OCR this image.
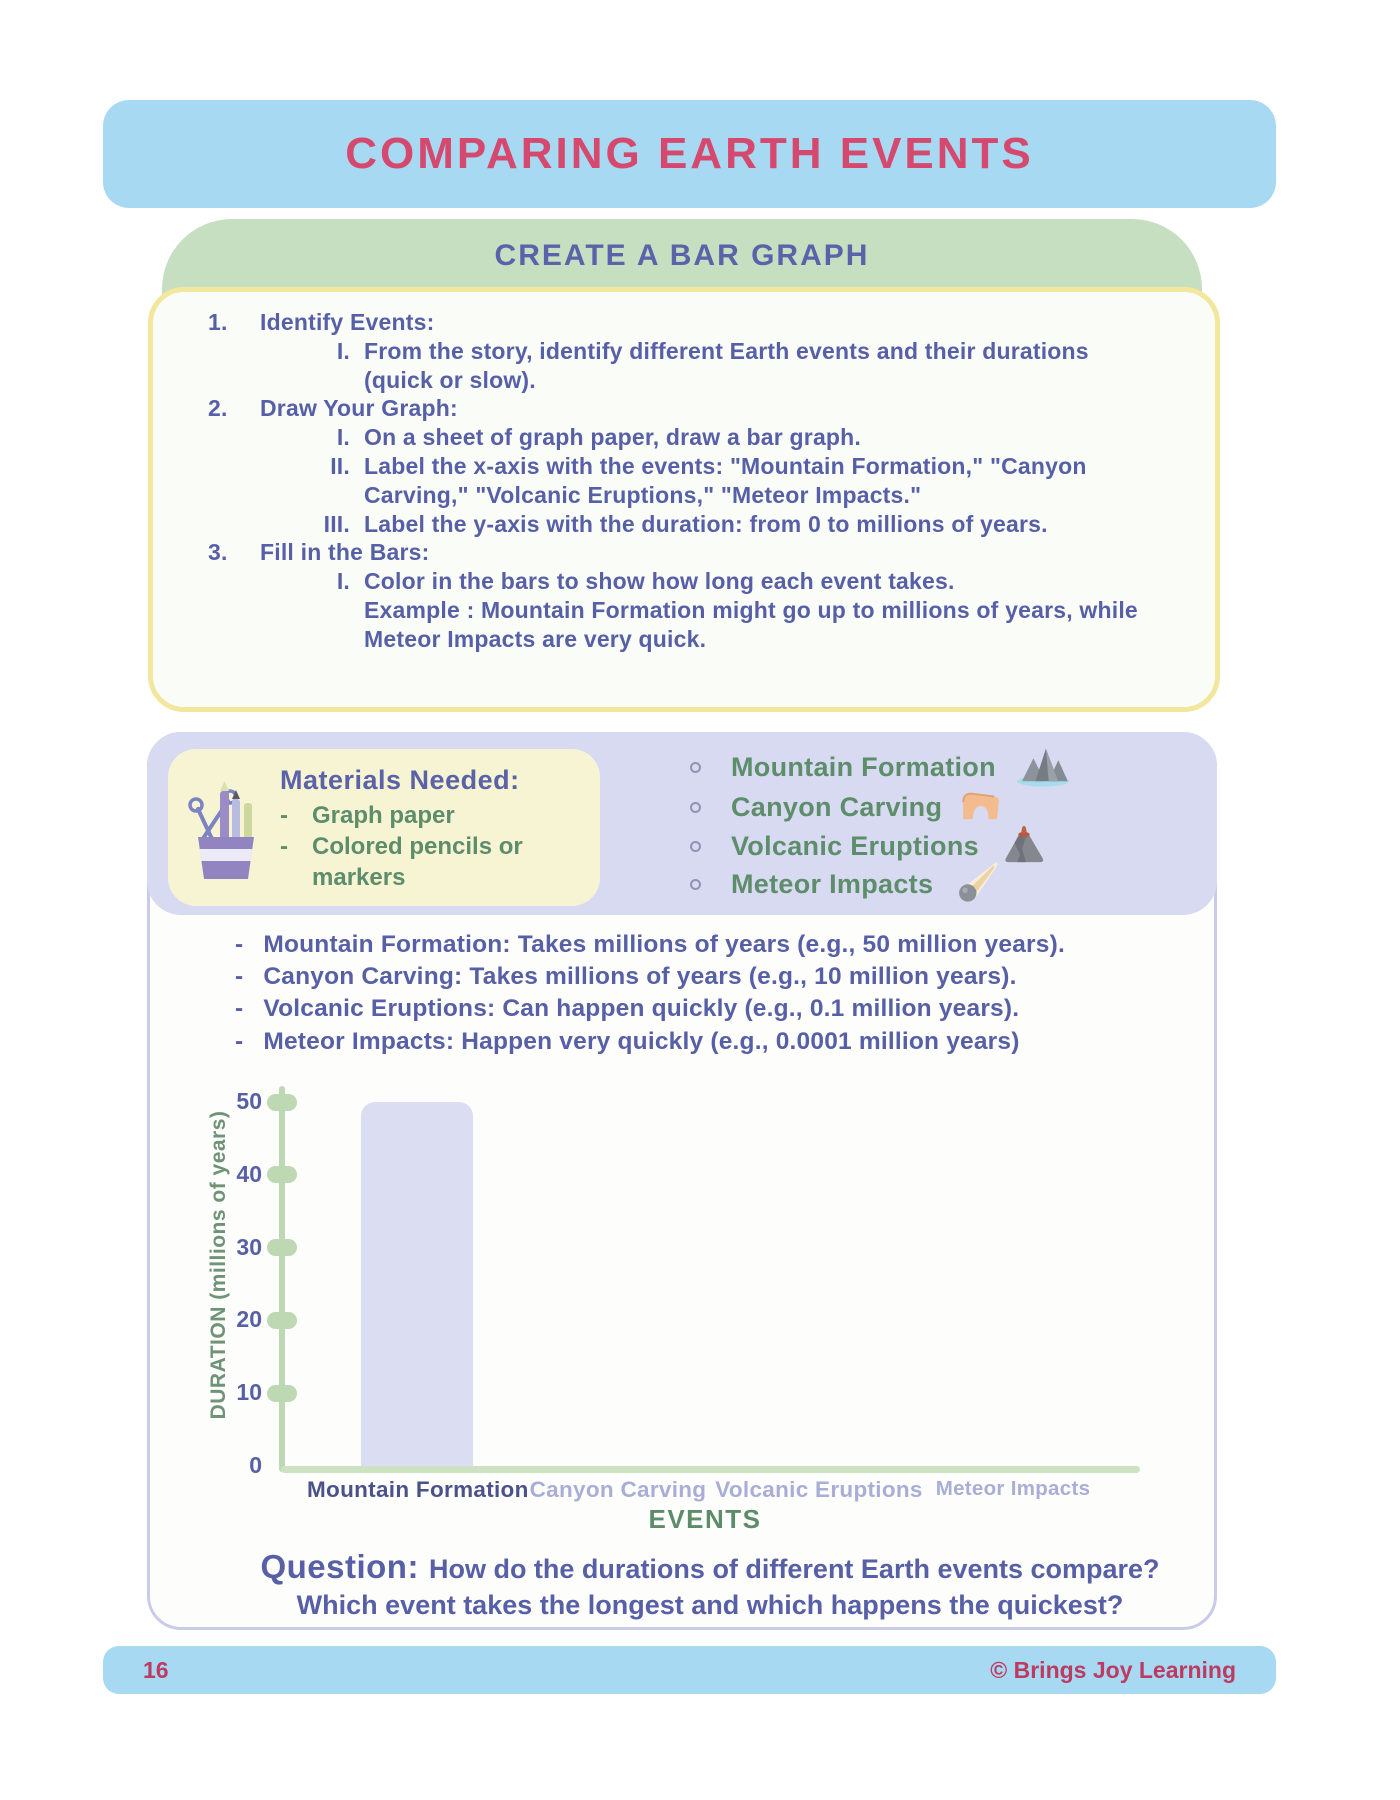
COMPARING EARTH EVENTS
CREATE A BAR GRAPH
1.	Identify Events:
I. From the story, identify different Earth events and their durations (quick or slow).
2.	Draw Your Graph:
I. On a sheet of graph paper, draw a bar graph.
II. Label the x-axis with the events: "Mountain Formation," "Canyon Carving," "Volcanic Eruptions," "Meteor Impacts."
III. Label the y-axis with the duration: from 0 to millions of years.
3.	Fill in the Bars:
I. Color in the bars to show how long each event takes.
Example : Mountain Formation might go up to millions of years, while Meteor Impacts are very quick.
Materials Needed:
- Graph paper
- Colored pencils or markers
Mountain Formation
Canyon Carving
Volcanic Eruptions
Meteor Impacts
- Mountain Formation: Takes millions of years (e.g., 50 million years).
- Canyon Carving: Takes millions of years (e.g., 10 million years).
- Volcanic Eruptions: Can happen quickly (e.g., 0.1 million years).
- Meteor Impacts: Happen very quickly (e.g., 0.0001 million years)
DURATION (millions of years)
EVENTS
0
10
20
30
40
50
Mountain Formation Canyon Carving Volcanic Eruptions Meteor Impacts
Question: How do the durations of different Earth events compare? Which event takes the longest and which happens the quickest?
16	© Brings Joy Learning
